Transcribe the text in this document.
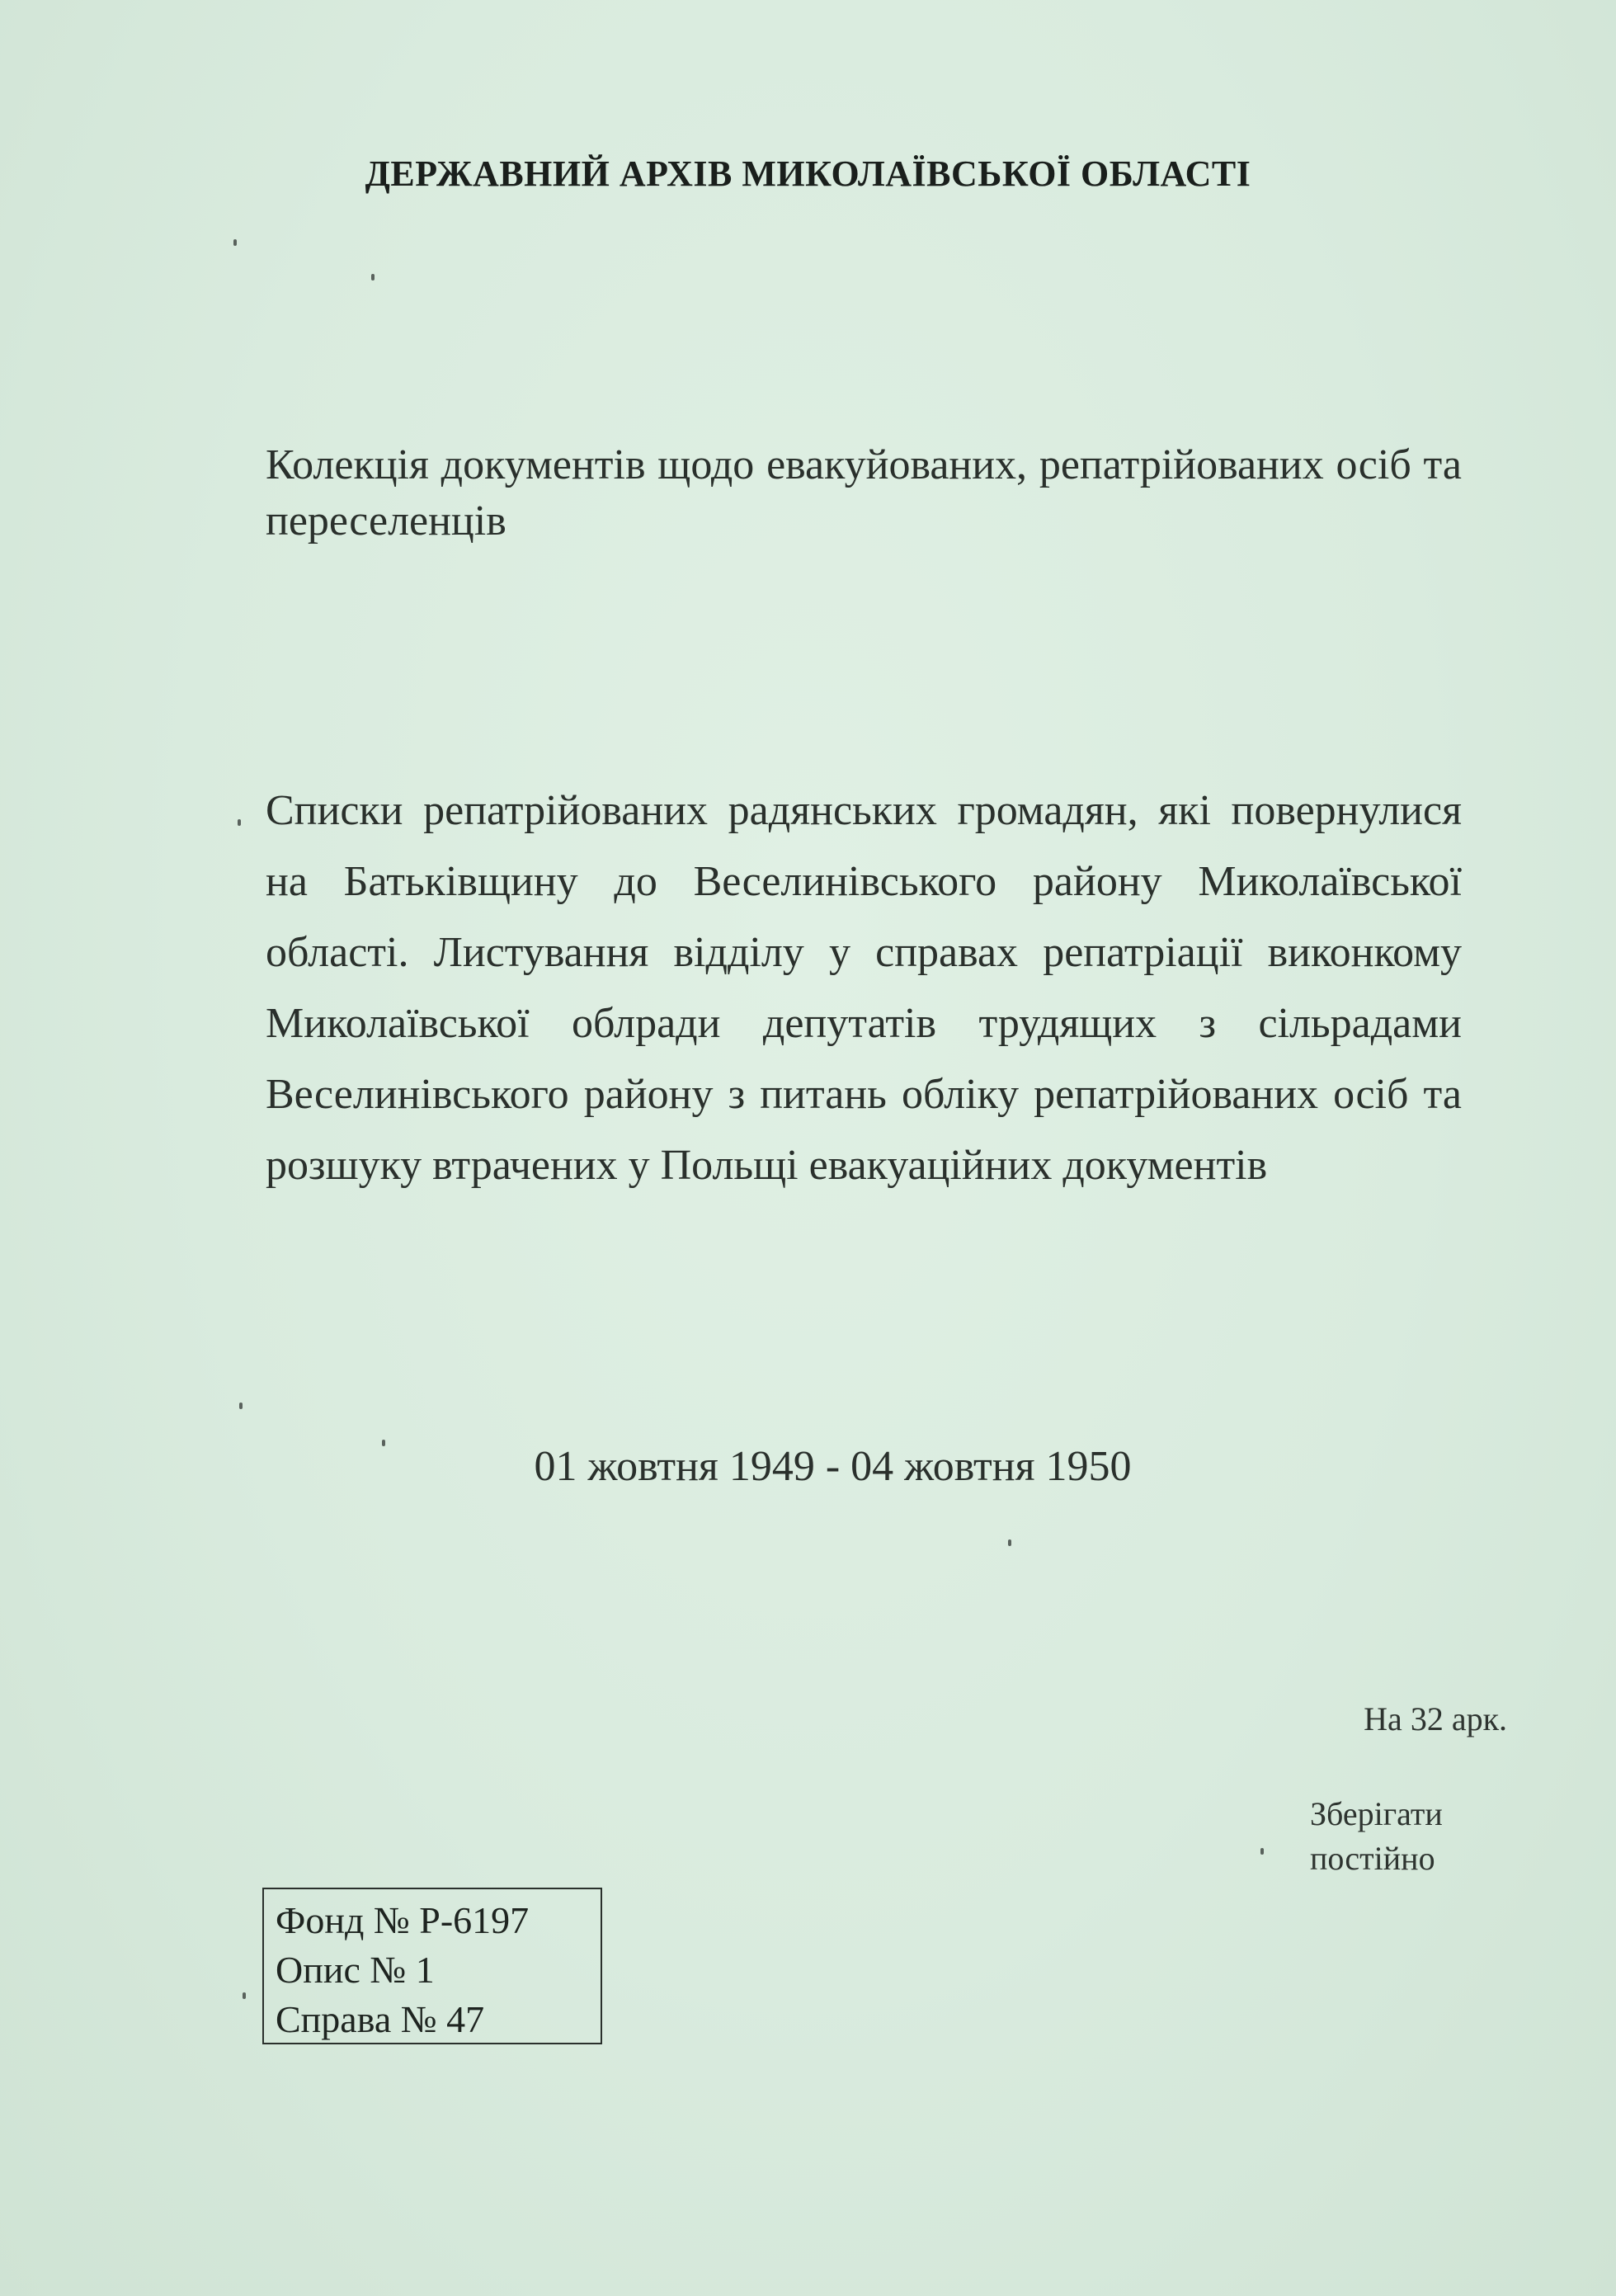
ДЕРЖАВНИЙ АРХІВ МИКОЛАЇВСЬКОЇ ОБЛАСТІ
Колекція документів щодо евакуйованих, репатрійованих осіб та переселенців
Списки репатрійованих радянських громадян, які повернулися на Батьківщину до Веселинівського району Миколаївської області. Листування відділу у справах репатріації виконкому Миколаївської облради депутатів трудящих з сільрадами Веселинівського району з питань обліку репатрійованих осіб та розшуку втрачених у Польщі евакуаційних документів
01 жовтня 1949 - 04 жовтня 1950
На 32 арк.
Зберігати
постійно
Фонд № Р-6197
Опис № 1
Справа № 47
